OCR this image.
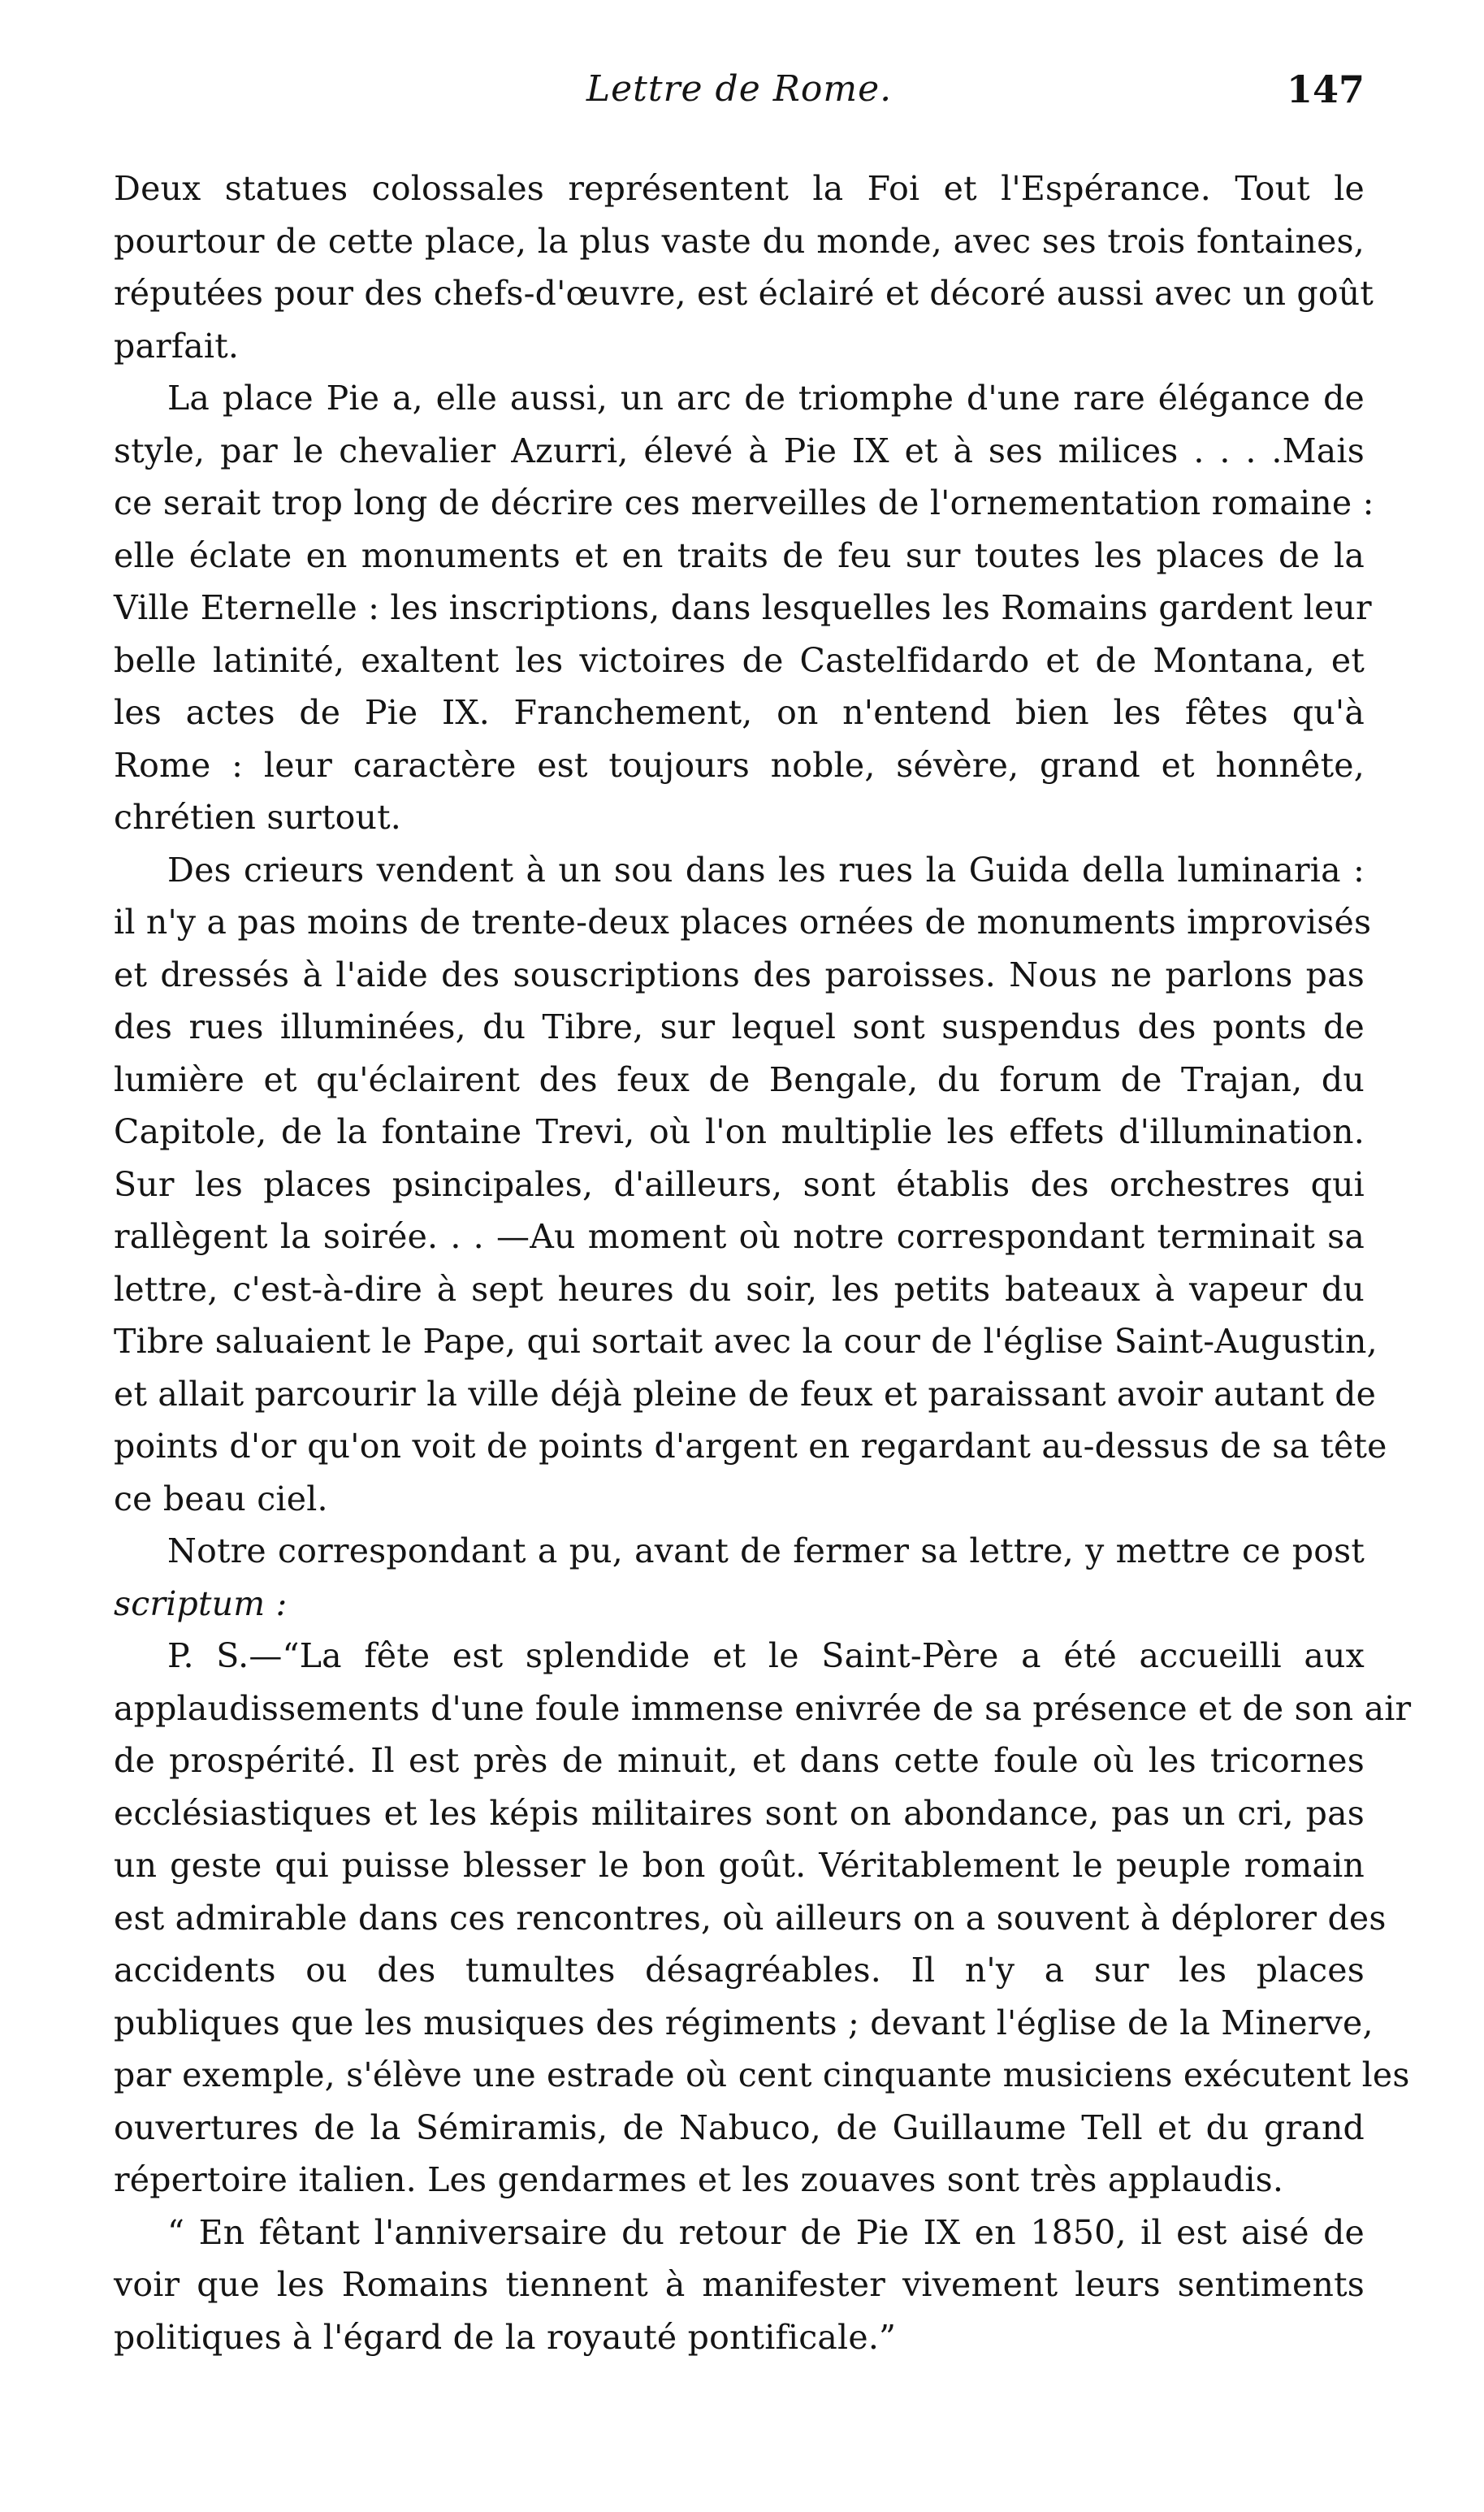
Lettre de Rome.	147

Deux statues colossales représentent la Foi et l'Espérance. Tout le
pourtour de cette place, la plus vaste du monde, avec ses trois fontaines,
réputées pour des chefs-d'œuvre, est éclairé et décoré aussi avec un goût
parfait.

La place Pie a, elle aussi, un arc de triomphe d'une rare élégance de
style, par le chevalier Azurri, élevé à Pie IX et à ses milices . . . .Mais
ce serait trop long de décrire ces merveilles de l'ornementation romaine :
elle éclate en monuments et en traits de feu sur toutes les places de la
Ville Eternelle : les inscriptions, dans lesquelles les Romains gardent leur
belle latinité, exaltent les victoires de Castelfidardo et de Montana, et
les actes de Pie IX. Franchement, on n'entend bien les fêtes qu'à
Rome : leur caractère est toujours noble, sévère, grand et honnête,
chrétien surtout.

Des crieurs vendent à un sou dans les rues la Guida della luminaria :
il n'y a pas moins de trente-deux places ornées de monuments improvisés
et dressés à l'aide des souscriptions des paroisses. Nous ne parlons pas
des rues illuminées, du Tibre, sur lequel sont suspendus des ponts de
lumière et qu'éclairent des feux de Bengale, du forum de Trajan, du
Capitole, de la fontaine Trevi, où l'on multiplie les effets d'illumination.
Sur les places psincipales, d'ailleurs, sont établis des orchestres qui
rallègent la soirée. . . —Au moment où notre correspondant terminait sa
lettre, c'est-à-dire à sept heures du soir, les petits bateaux à vapeur du
Tibre saluaient le Pape, qui sortait avec la cour de l'église Saint-Augustin,
et allait parcourir la ville déjà pleine de feux et paraissant avoir autant de
points d'or qu'on voit de points d'argent en regardant au-dessus de sa tête
ce beau ciel.

Notre correspondant a pu, avant de fermer sa lettre, y mettre ce post
scriptum :

P. S.—“La fête est splendide et le Saint-Père a été accueilli aux
applaudissements d'une foule immense enivrée de sa présence et de son air
de prospérité. Il est près de minuit, et dans cette foule où les tricornes
ecclésiastiques et les képis militaires sont on abondance, pas un cri, pas
un geste qui puisse blesser le bon goût. Véritablement le peuple romain
est admirable dans ces rencontres, où ailleurs on a souvent à déplorer des
accidents ou des tumultes désagréables. Il n'y a sur les places
publiques que les musiques des régiments ; devant l'église de la Minerve,
par exemple, s'élève une estrade où cent cinquante musiciens exécutent les
ouvertures de la Sémiramis, de Nabuco, de Guillaume Tell et du grand
répertoire italien. Les gendarmes et les zouaves sont très applaudis.

“ En fêtant l'anniversaire du retour de Pie IX en 1850, il est aisé de
voir que les Romains tiennent à manifester vivement leurs sentiments
politiques à l'égard de la royauté pontificale.”
